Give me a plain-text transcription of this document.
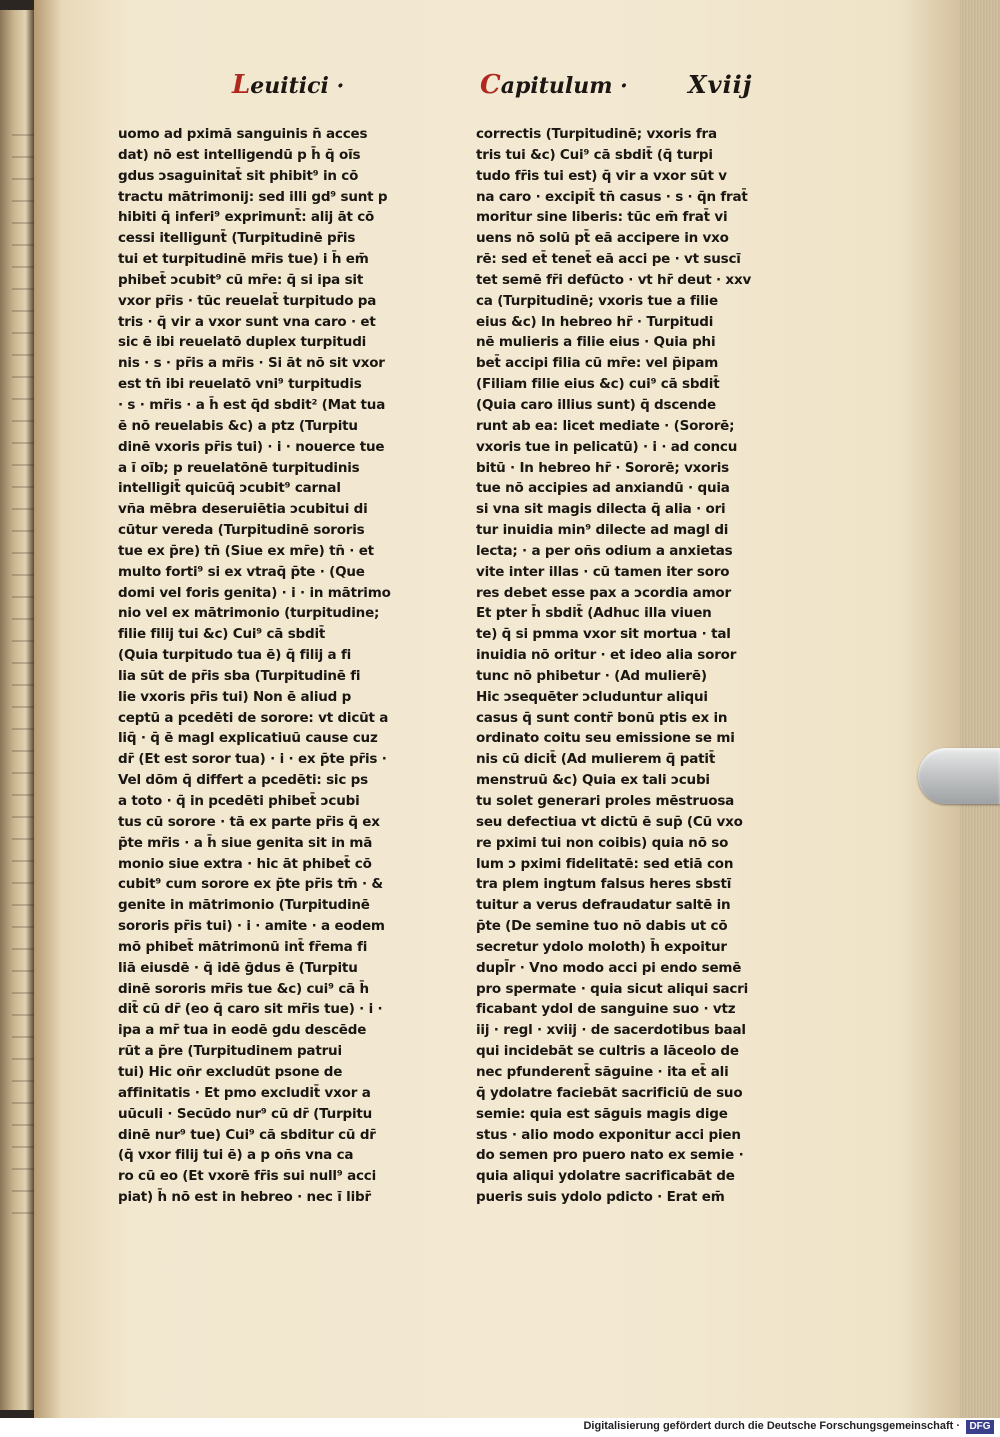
Leuitici ·	Capitulum ·	Xviij
uomo ad pximā sanguinis n̄ acces
dat) nō est intelligendū p h̄ q̄ oīs
gdus ↄsaguinitat̄ sit phibit⁹ in cō
tractu mātrimonij: sed illi gd⁹ sunt p
hibiti q̄ inferi⁹ exprimunt̄: alij āt cō
cessi itelligunt̄ (Turpitudinē pr̄is
tui et turpitudinē mr̄is tue) i h̄ em̄
phibet̄ ↄcubit⁹ cū mr̄e: q̄ si ipa sit
vxor pr̄is · tūc reuelat̄ turpitudo pa
tris · q̄ vir a vxor sunt vna caro · et
sic ē ibi reuelatō duplex turpitudi
nis · s · pr̄is a mr̄is · Si āt nō sit vxor
est tn̄ ibi reuelatō vni⁹ turpitudis
· s · mr̄is · a h̄ est q̄d sbdit² (Mat tua
ē nō reuelabis &c) a ptz (Turpitu
dinē vxoris pr̄is tui) · i · nouerce tue
a ī oīb; p reuelatōnē turpitudinis
intelligit̄ quicūq̄ ↄcubit⁹ carnal
vña mēbra deseruiētia ↄcubitui di
cūtur vereda (Turpitudinē sororis
tue ex p̄re) tn̄ (Siue ex mr̄e) tn̄ · et
multo forti⁹ si ex vtraq̄ p̄te · (Que
domi vel foris genita) · i · in mātrimo
nio vel ex mātrimonio (turpitudine;
filie filij tui &c) Cui⁹ cā sbdit̄
(Quia turpitudo tua ē) q̄ filij a fi
lia sūt de pr̄is sba (Turpitudinē fi
lie vxoris pr̄is tui) Non ē aliud p
ceptū a pcedēti de sorore: vt dicūt a
liq̄ · q̄ ē magl explicatiuū cause cuz
dr̄ (Et est soror tua) · i · ex p̄te pr̄is ·
Vel dōm q̄ differt a pcedēti: sic ps
a toto · q̄ in pcedēti phibet̄ ↄcubi
tus cū sorore · tā ex parte pr̄is q̄ ex
p̄te mr̄is · a h̄ siue genita sit in mā
monio siue extra · hic āt phibet̄ cō
cubit⁹ cum sorore ex p̄te pr̄is tm̄ · &
genite in mātrimonio (Turpitudinē
sororis pr̄is tui) · i · amite · a eodem
mō phibet̄ mātrimonū int̄ fr̄ema fi
liā eiusdē · q̄ idē ḡdus ē (Turpitu
dinē sororis mr̄is tue &c) cui⁹ cā h̄
dit̄ cū dr̄ (eo q̄ caro sit mr̄is tue) · i ·
ipa a mr̄ tua in eodē gdu descēde
rūt a p̄re (Turpitudinem patrui
tui) Hic oñr excludūt psone de
affinitatis · Et pmo excludit̄ vxor a
uūculi · Secūdo nur⁹ cū dr̄ (Turpitu
dinē nur⁹ tue) Cui⁹ cā sbditur cū dr̄
(q̄ vxor filij tui ē) a p oñs vna ca
ro cū eo (Et vxorē fr̄is sui null⁹ acci
piat) h̄ nō est in hebreo · nec ī libr̄
correctis (Turpitudinē; vxoris fra
tris tui &c) Cui⁹ cā sbdit̄ (q̄ turpi
tudo fr̄is tui est) q̄ vir a vxor sūt v
na caro · excipit̄ tn̄ casus · s · q̄n frat̄
moritur sine liberis: tūc em̄ frat̄ vi
uens nō solū pt̄ eā accipere in vxo
rē: sed et̄ tenet̄ eā acci pe · vt suscī
tet semē fr̄i defūcto · vt hr̄ deut · xxv
ca (Turpitudinē; vxoris tue a filie
eius &c) In hebreo hr̄ · Turpitudi
nē mulieris a filie eius · Quia phi
bet̄ accipi filia cū mr̄e: vel p̄ipam
(Filiam filie eius &c) cui⁹ cā sbdit̄
(Quia caro illius sunt) q̄ dscende
runt ab ea: licet mediate · (Sororē;
vxoris tue in pelicatū) · i · ad concu
bitū · In hebreo hr̄ · Sororē; vxoris
tue nō accipies ad anxiandū · quia
si vna sit magis dilecta q̄ alia · ori
tur inuidia min⁹ dilecte ad magl di
lecta; · a per oñs odium a anxietas
vite inter illas · cū tamen iter soro
res debet esse pax a ↄcordia amor
Et pter h̄ sbdit̄ (Adhuc illa viuen
te) q̄ si pmma vxor sit mortua · tal
inuidia nō oritur · et ideo alia soror
tunc nō phibetur · (Ad mulierē)
Hic ↄsequēter ↄcluduntur aliqui
casus q̄ sunt contr̄ bonū ptis ex in
ordinato coitu seu emissione se mi
nis cū dicit̄ (Ad mulierem q̄ patit̄
menstruū &c) Quia ex tali ↄcubi
tu solet generari proles mēstruosa
seu defectiua vt dictū ē sup̄ (Cū vxo
re pximi tui non coibis) quia nō so
lum ↄ pximi fidelitatē: sed etiā con
tra plem ingtum falsus heres sbstī
tuitur a verus defraudatur saltē in
p̄te (De semine tuo nō dabis ut cō
secretur ydolo moloth) h̄ expoitur
dupl̄r · Vno modo acci pi endo semē
pro spermate · quia sicut aliqui sacri
ficabant ydol de sanguine suo · vtz
iij · regl · xviij · de sacerdotibus baal
qui incidebāt se cultris a lāceolo de
nec pfunderent̄ sāguine · ita et̄ ali
q̄ ydolatre faciebāt sacrificiū de suo
semie: quia est sāguis magis dige
stus · alio modo exponitur acci pien
do semen pro puero nato ex semie ·
quia aliqui ydolatre sacrificabāt de
pueris suis ydolo pdicto · Erat em̄
Digitalisierung gefördert durch die Deutsche Forschungsgemeinschaft · DFG
